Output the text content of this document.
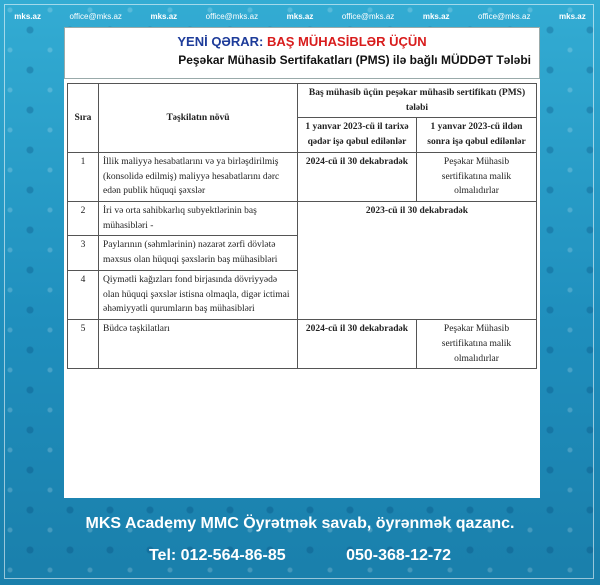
mks.az	office@mks.az	mks.az	office@mks.az	mks.az	office@mks.az	mks.az	office@mks.az	mks.az
YENİ QƏRAR: BAŞ MÜHASİBLƏR ÜÇÜN
Peşəkar Mühasib Sertifakatları (PMS) ilə bağlı MÜDDƏT Tələbi
Sıra	Təşkilatın növü	Baş mühasib üçün peşəkar mühasib sertifikatı (PMS) tələbi	
		1 yanvar 2023-cü il tarixə qədər işə qəbul edilənlər	1 yanvar 2023-cü ildən sonra işə qəbul edilənlər
1	İllik maliyyə hesabatlarını və ya birləşdirilmiş (konsolidə edilmiş) maliyyə hesabatlarını dərc edən publik hüquqi şəxslər	2024-cü il 30 dekabradək	Peşəkar Mühasib sertifikatına malik olmalıdırlar
2	İri və orta sahibkarlıq subyektlərinin baş mühasibləri -	2023-cü il 30 dekabradək	
3	Paylarının (səhmlərinin) nəzarət zərfi dövlətə məxsus olan hüquqi şəxslərin baş mühasibləri		
4	Qiymətli kağızları fond birjasında dövriyyədə olan hüquqi şəxslər istisna olmaqla, digər ictimai əhəmiyyətli qurumların baş mühasibləri		
5	Büdcə təşkilatları	2024-cü il 30 dekabradək	Peşəkar Mühasib sertifikatına malik olmalıdırlar
MKS Academy MMC Öyrətmək savab, öyrənmək qazanc.
Tel: 012-564-86-85	050-368-12-72
